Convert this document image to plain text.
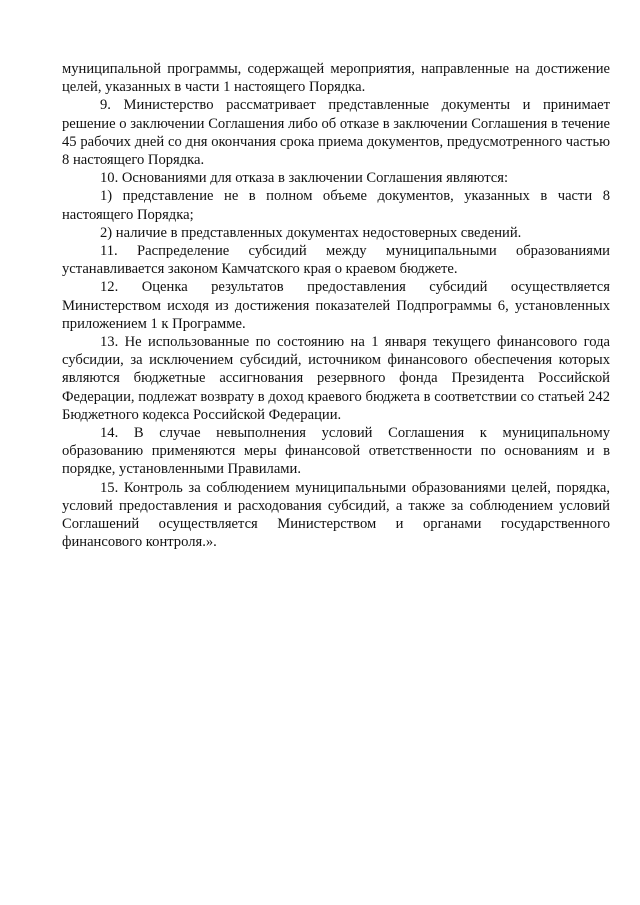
муниципальной программы, содержащей мероприятия, направленные на достижение целей, указанных в части 1 настоящего Порядка.

9. Министерство рассматривает представленные документы и принимает решение о заключении Соглашения либо об отказе в заключении Соглашения в течение 45 рабочих дней со дня окончания срока приема документов, предусмотренного частью 8 настоящего Порядка.

10. Основаниями для отказа в заключении Соглашения являются:

1) представление не в полном объеме документов, указанных в части 8 настоящего Порядка;

2) наличие в представленных документах недостоверных сведений.

11. Распределение субсидий между муниципальными образованиями устанавливается законом Камчатского края о краевом бюджете.

12. Оценка результатов предоставления субсидий осуществляется Министерством исходя из достижения показателей Подпрограммы 6, установленных приложением 1 к Программе.

13. Не использованные по состоянию на 1 января текущего финансового года субсидии, за исключением субсидий, источником финансового обеспечения которых являются бюджетные ассигнования резервного фонда Президента Российской Федерации, подлежат возврату в доход краевого бюджета в соответствии со статьей 242 Бюджетного кодекса Российской Федерации.

14. В случае невыполнения условий Соглашения к муниципальному образованию применяются меры финансовой ответственности по основаниям и в порядке, установленными Правилами.

15. Контроль за соблюдением муниципальными образованиями целей, порядка, условий предоставления и расходования субсидий, а также за соблюдением условий Соглашений осуществляется Министерством и органами государственного финансового контроля.».
